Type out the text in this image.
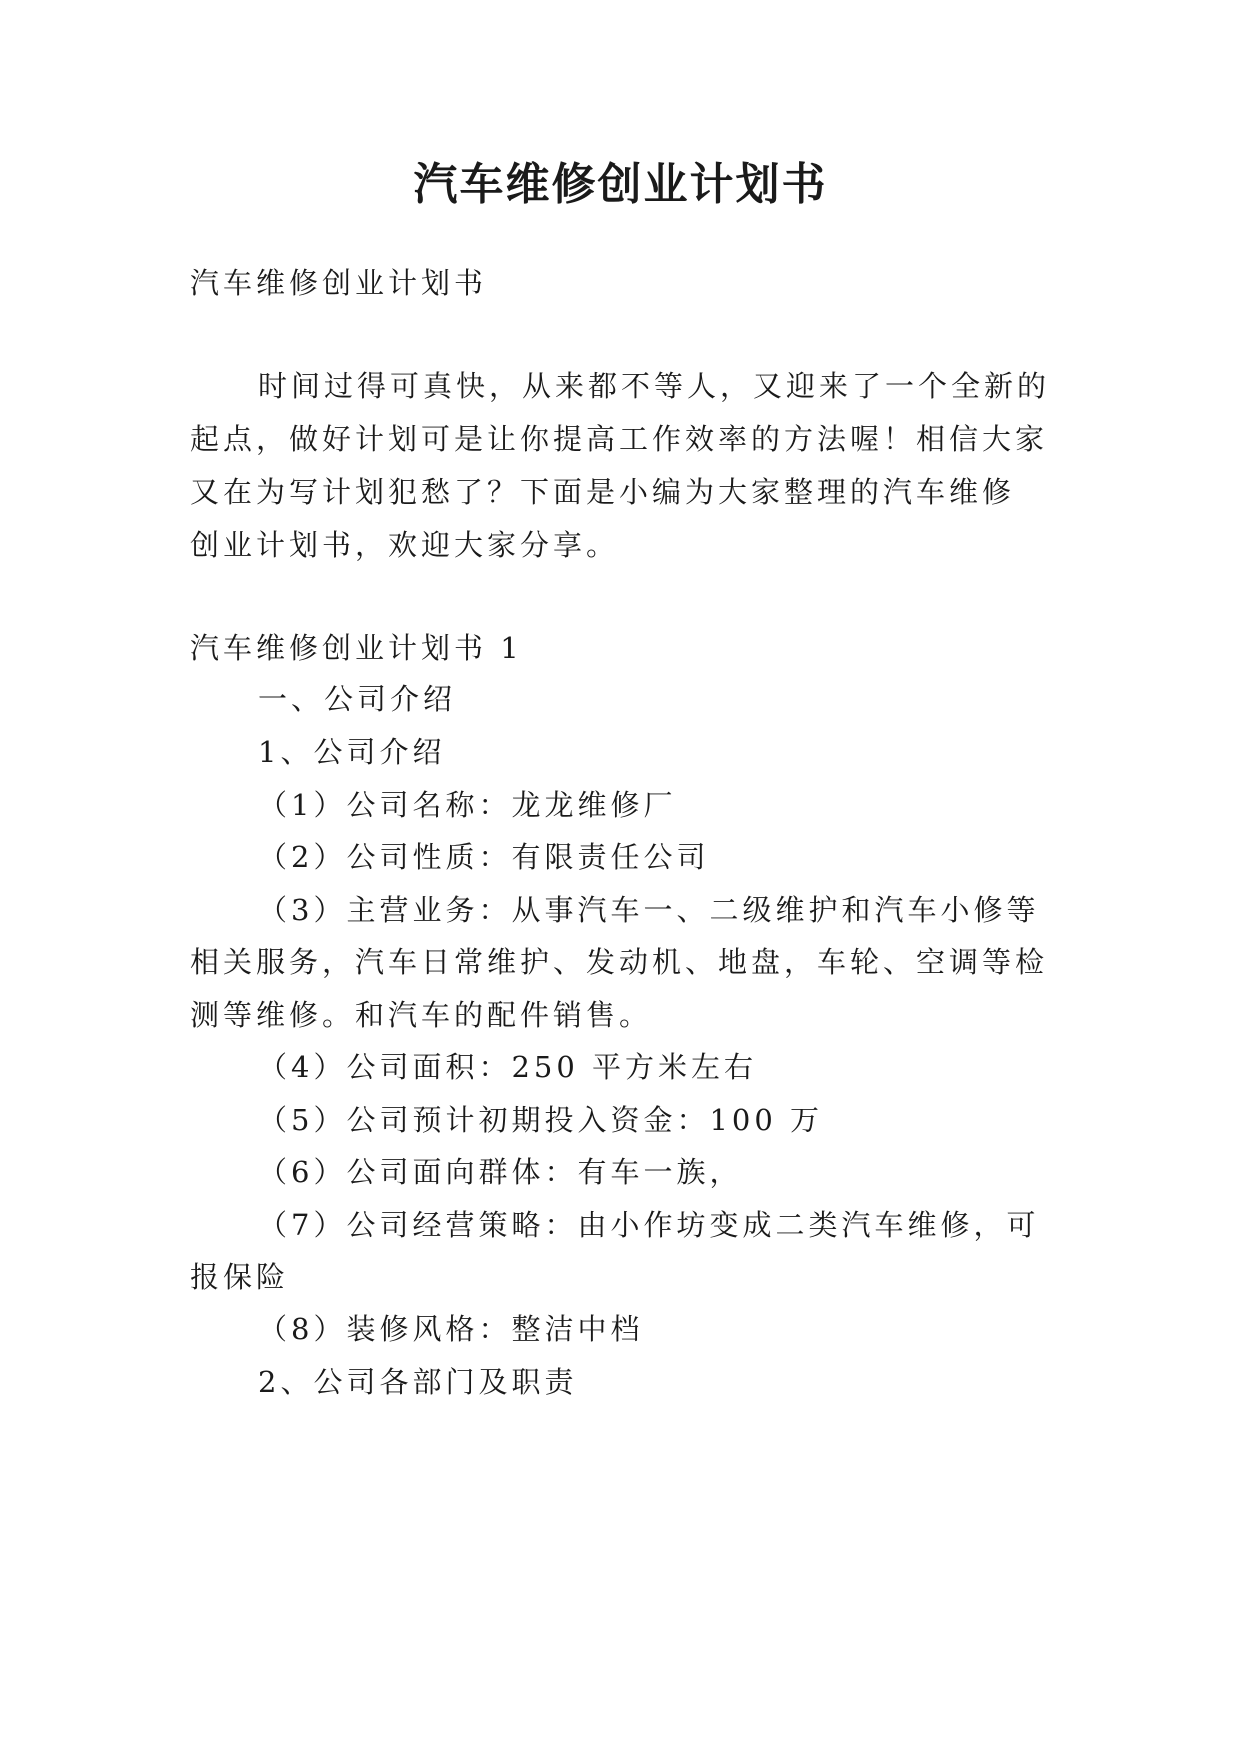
汽车维修创业计划书
汽车维修创业计划书
时间过得可真快，从来都不等人，又迎来了一个全新的
起点，做好计划可是让你提高工作效率的方法喔！相信大家
又在为写计划犯愁了？下面是小编为大家整理的汽车维修
创业计划书，欢迎大家分享。
汽车维修创业计划书 1
一、公司介绍
1、公司介绍
（1）公司名称：龙龙维修厂
（2）公司性质：有限责任公司
（3）主营业务：从事汽车一、二级维护和汽车小修等
相关服务，汽车日常维护、发动机、地盘，车轮、空调等检
测等维修。和汽车的配件销售。
（4）公司面积：250 平方米左右
（5）公司预计初期投入资金：100 万
（6）公司面向群体：有车一族，
（7）公司经营策略：由小作坊变成二类汽车维修，可
报保险
（8）装修风格：整洁中档
2、公司各部门及职责
